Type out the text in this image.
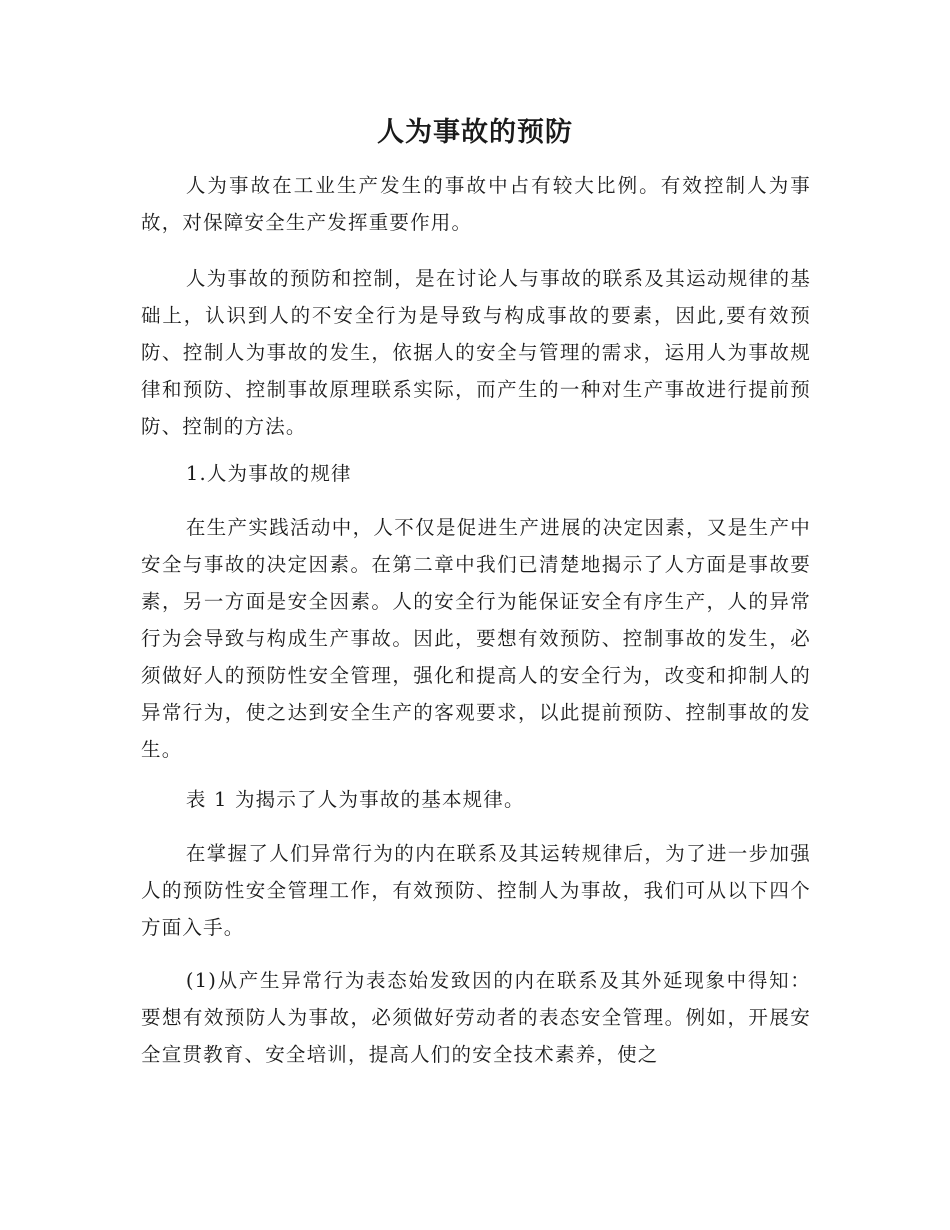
人为事故的预防

人为事故在工业生产发生的事故中占有较大比例。有效控制人为事故，对保障安全生产发挥重要作用。

人为事故的预防和控制，是在讨论人与事故的联系及其运动规律的基础上，认识到人的不安全行为是导致与构成事故的要素，因此,要有效预防、控制人为事故的发生，依据人的安全与管理的需求，运用人为事故规律和预防、控制事故原理联系实际，而产生的一种对生产事故进行提前预防、控制的方法。

1.人为事故的规律

在生产实践活动中，人不仅是促进生产进展的决定因素，又是生产中安全与事故的决定因素。在第二章中我们已清楚地揭示了人方面是事故要素，另一方面是安全因素。人的安全行为能保证安全有序生产，人的异常行为会导致与构成生产事故。因此，要想有效预防、控制事故的发生，必须做好人的预防性安全管理，强化和提高人的安全行为，改变和抑制人的异常行为，使之达到安全生产的客观要求，以此提前预防、控制事故的发生。

表 1 为揭示了人为事故的基本规律。

在掌握了人们异常行为的内在联系及其运转规律后，为了进一步加强人的预防性安全管理工作，有效预防、控制人为事故，我们可从以下四个方面入手。

(1)从产生异常行为表态始发致因的内在联系及其外延现象中得知：要想有效预防人为事故，必须做好劳动者的表态安全管理。例如，开展安全宣贯教育、安全培训，提高人们的安全技术素养，使之
